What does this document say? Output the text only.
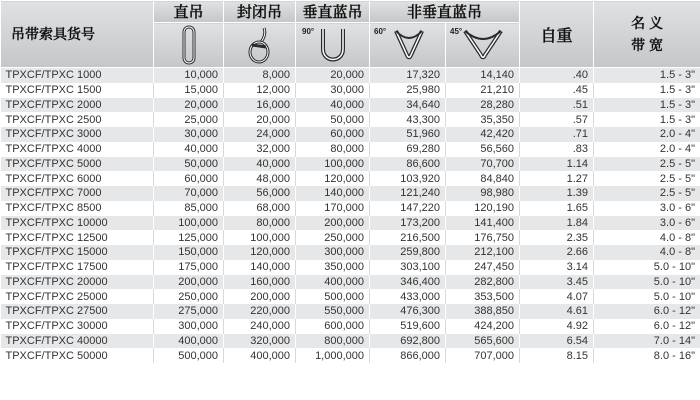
吊带索具货号	直吊	封闭吊	垂直蓝吊	非垂直蓝吊		自重	名 义
带 宽

90°	60°	45°		

TPXCF/TPXC 1000	10,000	8,000	20,000	17,320	14,140	.40	1.5 - 3"
TPXCF/TPXC 1500	15,000	12,000	30,000	25,980	21,210	.45	1.5 - 3"
TPXCF/TPXC 2000	20,000	16,000	40,000	34,640	28,280	.51	1.5 - 3"
TPXCF/TPXC 2500	25,000	20,000	50,000	43,300	35,350	.57	1.5 - 3"
TPXCF/TPXC 3000	30,000	24,000	60,000	51,960	42,420	.71	2.0 - 4"
TPXCF/TPXC 4000	40,000	32,000	80,000	69,280	56,560	.83	2.0 - 4"
TPXCF/TPXC 5000	50,000	40,000	100,000	86,600	70,700	1.14	2.5 - 5"
TPXCF/TPXC 6000	60,000	48,000	120,000	103,920	84,840	1.27	2.5 - 5"
TPXCF/TPXC 7000	70,000	56,000	140,000	121,240	98,980	1.39	2.5 - 5"
TPXCF/TPXC 8500	85,000	68,000	170,000	147,220	120,190	1.65	3.0 - 6"
TPXCF/TPXC 10000	100,000	80,000	200,000	173,200	141,400	1.84	3.0 - 6"
TPXCF/TPXC 12500	125,000	100,000	250,000	216,500	176,750	2.35	4.0 - 8"
TPXCF/TPXC 15000	150,000	120,000	300,000	259,800	212,100	2.66	4.0 - 8"
TPXCF/TPXC 17500	175,000	140,000	350,000	303,100	247,450	3.14	5.0 - 10"
TPXCF/TPXC 20000	200,000	160,000	400,000	346,400	282,800	3.45	5.0 - 10"
TPXCF/TPXC 25000	250,000	200,000	500,000	433,000	353,500	4.07	5.0 - 10"
TPXCF/TPXC 27500	275,000	220,000	550,000	476,300	388,850	4.61	6.0 - 12"
TPXCF/TPXC 30000	300,000	240,000	600,000	519,600	424,200	4.92	6.0 - 12"
TPXCF/TPXC 40000	400,000	320,000	800,000	692,800	565,600	6.54	7.0 - 14"
TPXCF/TPXC 50000	500,000	400,000	1,000,000	866,000	707,000	8.15	8.0 - 16"
